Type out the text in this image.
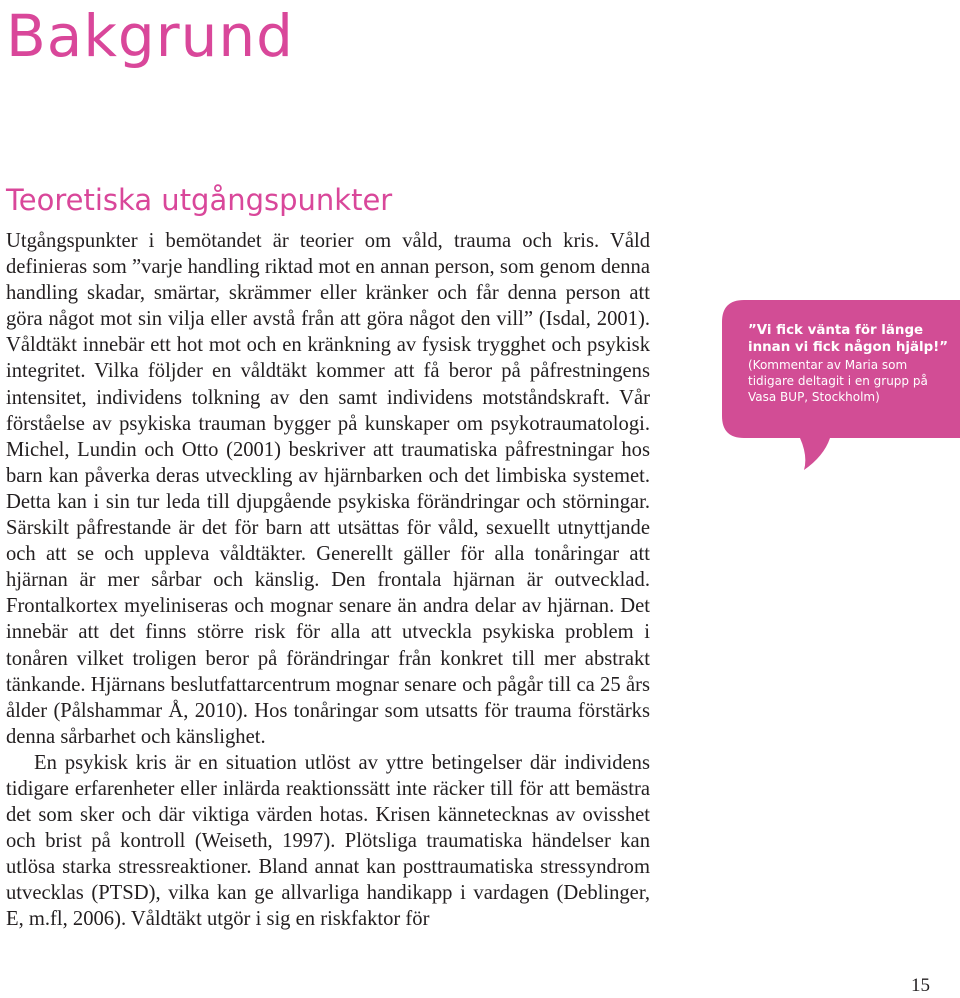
Bakgrund
Teoretiska utgångspunkter

Utgångspunkter i bemötandet är teorier om våld, trauma och kris. Våld definieras som ”varje handling riktad mot en annan person, som genom denna handling skadar, smärtar, skrämmer eller kränker och får denna person att göra något mot sin vilja eller avstå från att göra något den vill” (Isdal, 2001). Våldtäkt innebär ett hot mot och en kränkning av fysisk trygghet och psykisk integritet. Vilka följder en våldtäkt kommer att få beror på påfrestningens intensitet, individens tolkning av den samt individens motståndskraft. Vår förståelse av psykiska trauman bygger på kunskaper om psykotraumatologi. Michel, Lundin och Otto (2001) beskriver att traumatiska påfrestningar hos barn kan påverka deras utveckling av hjärnbarken och det limbiska systemet. Detta kan i sin tur leda till djupgående psykiska förändringar och störningar. Särskilt påfrestande är det för barn att utsättas för våld, sexuellt utnyttjande och att se och uppleva våldtäkter. Generellt gäller för alla tonåringar att hjärnan är mer sårbar och känslig. Den frontala hjärnan är outvecklad. Frontalkortex myeliniseras och mognar senare än andra delar av hjärnan. Det innebär att det finns större risk för alla att utveckla psykiska problem i tonåren vilket troligen beror på förändringar från konkret till mer abstrakt tänkande. Hjärnans beslutfattarcentrum mognar senare och pågår till ca 25 års ålder (Pålshammar Å, 2010). Hos tonåringar som utsatts för trauma förstärks denna sårbarhet och känslighet.

En psykisk kris är en situation utlöst av yttre betingelser där individens tidigare erfarenheter eller inlärda reaktionssätt inte räcker till för att bemästra det som sker och där viktiga värden hotas. Krisen kännetecknas av ovisshet och brist på kontroll (Weiseth, 1997). Plötsliga traumatiska händelser kan utlösa starka stressreaktioner. Bland annat kan posttraumatiska stressyndrom utvecklas (PTSD), vilka kan ge allvarliga handikapp i vardagen (Deblinger, E, m.fl, 2006). Våldtäkt utgör i sig en riskfaktor för

”Vi fick vänta för länge innan vi fick någon hjälp!”
(Kommentar av Maria som tidigare deltagit i en grupp på Vasa BUP, Stockholm)
15
